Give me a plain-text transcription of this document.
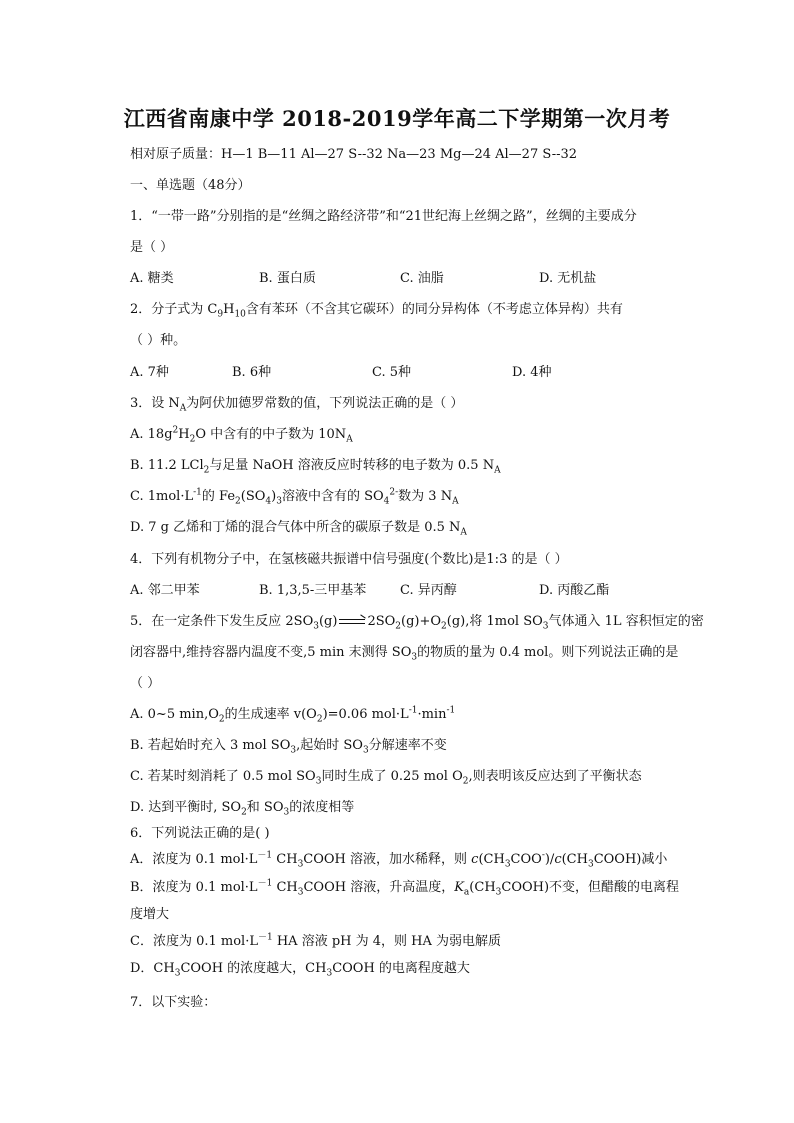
江西省南康中学 2018-2019学年高二下学期第一次月考
相对原子质量：H—1 B—11 Al—27 S--32 Na—23 Mg—24 Al—27 S--32
一、单选题（48分）
1．“一带一路”分别指的是“丝绸之路经济带”和“21世纪海上丝绸之路”，丝绸的主要成分
是（ ）
A. 糖类	B. 蛋白质	C. 油脂	D. 无机盐
2．分子式为 $C_9H_{10}$含有苯环（不含其它碳环）的同分异构体（不考虑立体异构）共有
（ ）种。
A. 7种	B. 6种	C. 5种	D. 4种
3．设 $N_A$为阿伏加德罗常数的值，下列说法正确的是（ ）
A. $18g^2H_2O$ 中含有的中子数为 $10N_A$
B. 11.2 LCl$_2$与足量 NaOH 溶液反应时转移的电子数为 0.5 $N_A$
C. $1mol\cdot L^{-1}$的 $Fe_2(SO_4)_3$溶液中含有的 $SO_4^{2-}$数为 3 $N_A$
D. 7 g 乙烯和丁烯的混合气体中所含的碳原子数是 0.5 $N_A$
4．下列有机物分子中，在氢核磁共振谱中信号强度(个数比)是1:3 的是（ ）
A. 邻二甲苯	B. 1,3,5-三甲基苯	C. 异丙醇	D. 丙酸乙酯
5．在一定条件下发生反应 $2SO_3(g) \to 2SO_2(g)+O_2(g)$,将 1mol $SO_3$气体通入 1L 容积恒定的密
闭容器中,维持容器内温度不变,5 min 末测得 $SO_3$的物质的量为 0.4 mol。则下列说法正确的是
（ ）
A. 0~5 $\min,O_2$的生成速率 $v(O_2)=0.06$ $mol\cdot L^{-1}\cdot\min^{-1}$
B. 若起始时充入 3 mol $SO_3$,起始时 $SO_3$分解速率不变
C. 若某时刻消耗了 0.5 mol $SO_3$同时生成了 0.25 mol $O_2$,则表明该反应达到了平衡状态
D. 达到平衡时, $SO_2$和 $SO_3$的浓度相等
6．下列说法正确的是( )
A．浓度为 0.1 $mol\cdot L^{-1}$ $CH_3COOH$ 溶液，加水稀释，则 $c(CH_3COO^-)/c(CH_3COOH)$减小
B．浓度为 0.1 $mol\cdot L^{-1}$ $CH_3COOH$ 溶液，升高温度，$K_a(CH_3COOH)$不变，但醋酸的电离程
度增大
C．浓度为 0.1 $mol\cdot L^{-1}$ HA 溶液 pH 为 4，则 HA 为弱电解质
D．$CH_3COOH$ 的浓度越大，$CH_3COOH$ 的电离程度越大
7．以下实验：
